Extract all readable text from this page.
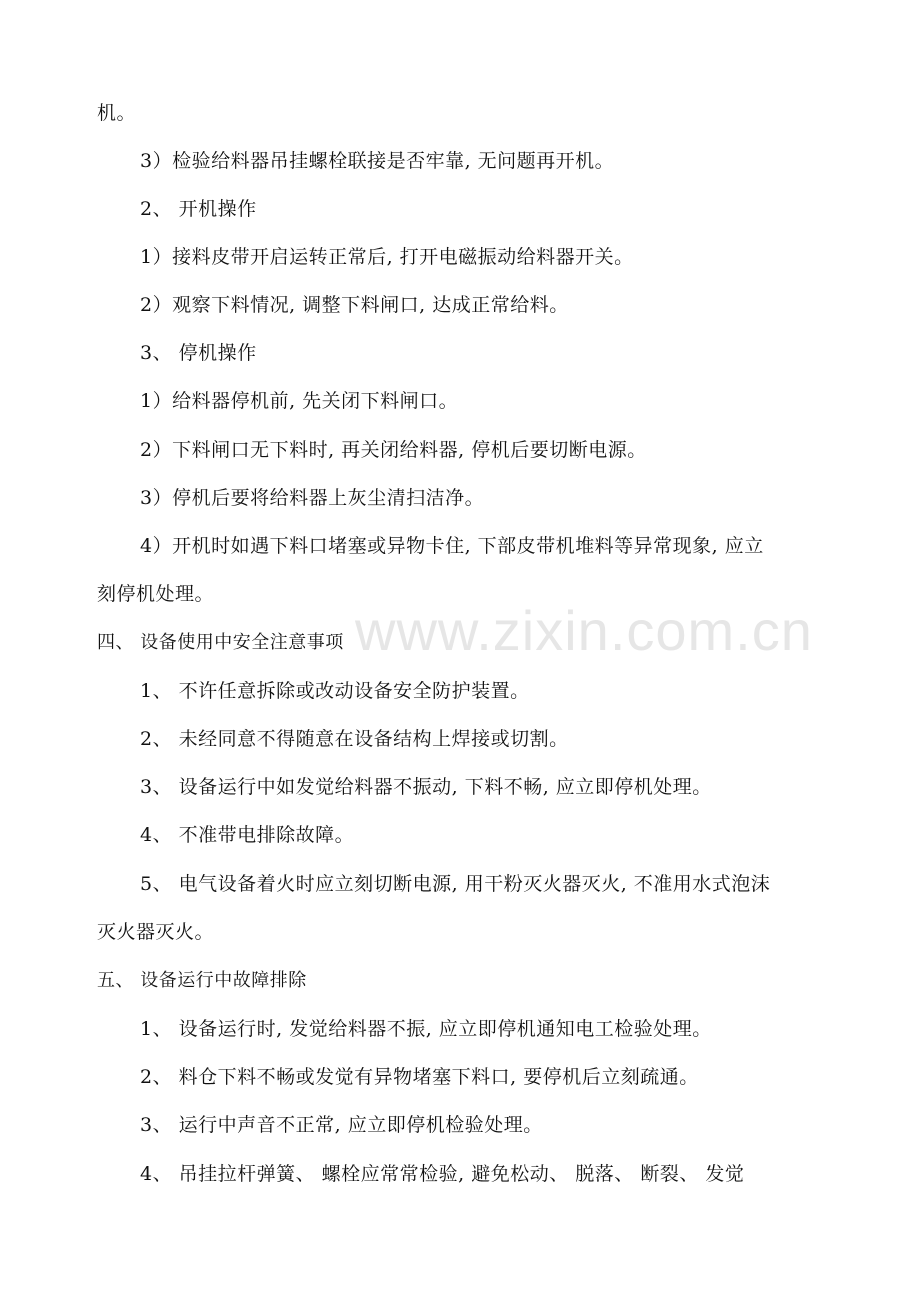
www.zixin.com.cn
机。
3）检验给料器吊挂螺栓联接是否牢靠, 无问题再开机。
2、 开机操作
1）接料皮带开启运转正常后, 打开电磁振动给料器开关。
2）观察下料情况, 调整下料闸口, 达成正常给料。
3、 停机操作
1）给料器停机前, 先关闭下料闸口。
2）下料闸口无下料时, 再关闭给料器, 停机后要切断电源。
3）停机后要将给料器上灰尘清扫洁净。
4）开机时如遇下料口堵塞或异物卡住, 下部皮带机堆料等异常现象, 应立
刻停机处理。
四、 设备使用中安全注意事项
1、 不许任意拆除或改动设备安全防护装置。
2、 未经同意不得随意在设备结构上焊接或切割。
3、 设备运行中如发觉给料器不振动, 下料不畅, 应立即停机处理。
4、 不准带电排除故障。
5、 电气设备着火时应立刻切断电源, 用干粉灭火器灭火, 不准用水式泡沫
灭火器灭火。
五、 设备运行中故障排除
1、 设备运行时, 发觉给料器不振, 应立即停机通知电工检验处理。
2、 料仓下料不畅或发觉有异物堵塞下料口, 要停机后立刻疏通。
3、 运行中声音不正常, 应立即停机检验处理。
4、 吊挂拉杆弹簧、 螺栓应常常检验, 避免松动、 脱落、 断裂、 发觉
